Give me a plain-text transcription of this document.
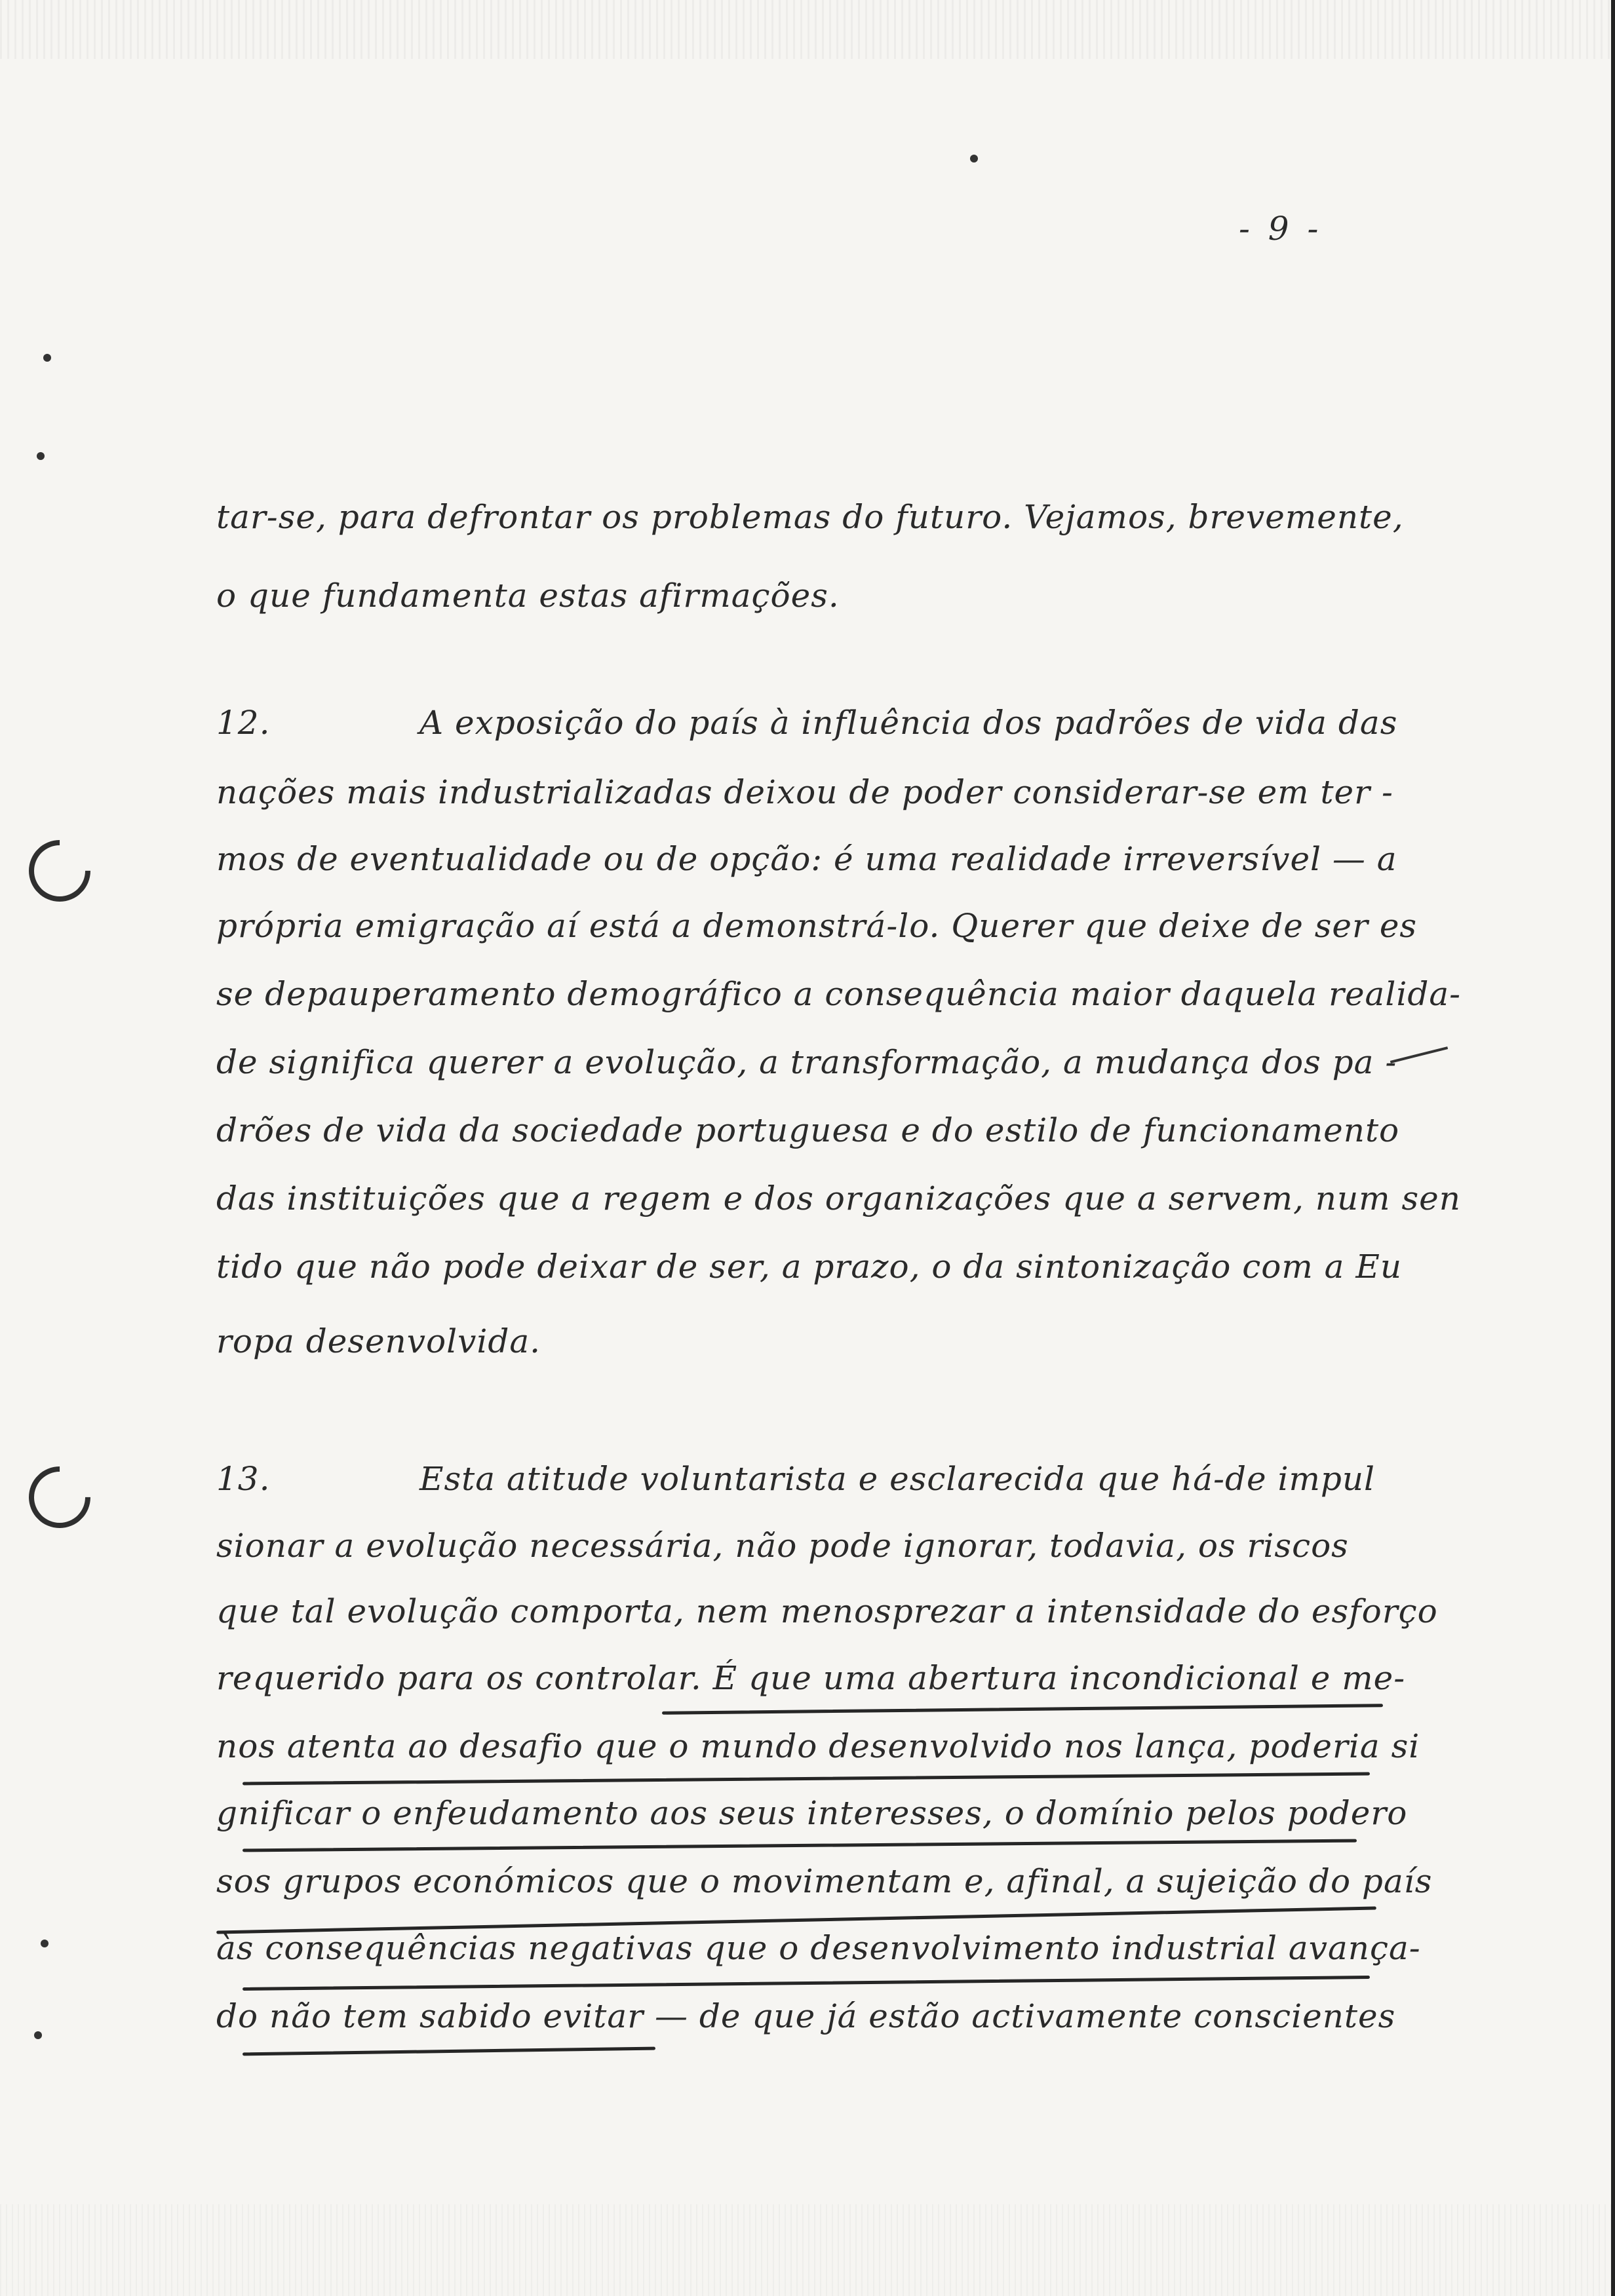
- 9 -
tar-se, para defrontar os problemas do futuro. Vejamos, brevemente,
o que fundamenta estas afirmações.
12.	A exposição do país à influência dos padrões de vida das
nações mais industrializadas deixou de poder considerar-se em ter -
mos de eventualidade ou de opção: é uma realidade irreversível — a
própria emigração aí está a demonstrá-lo. Querer que deixe de ser es
se depauperamento demográfico a consequência maior daquela realida-
de significa querer a evolução, a transformação, a mudança dos pa -
drões de vida da sociedade portuguesa e do estilo de funcionamento
das instituições que a regem e dos organizações que a servem, num sen
tido que não pode deixar de ser, a prazo, o da sintonização com a Eu
ropa desenvolvida.
13.	Esta atitude voluntarista e esclarecida que há-de impul
sionar a evolução necessária, não pode ignorar, todavia, os riscos
que tal evolução comporta, nem menosprezar a intensidade do esforço
requerido para os controlar. É que uma abertura incondicional e me-
nos atenta ao desafio que o mundo desenvolvido nos lança, poderia si
gnificar o enfeudamento aos seus interesses, o domínio pelos podero
sos grupos económicos que o movimentam e, afinal, a sujeição do país
às consequências negativas que o desenvolvimento industrial avança-
do não tem sabido evitar — de que já estão activamente conscientes
